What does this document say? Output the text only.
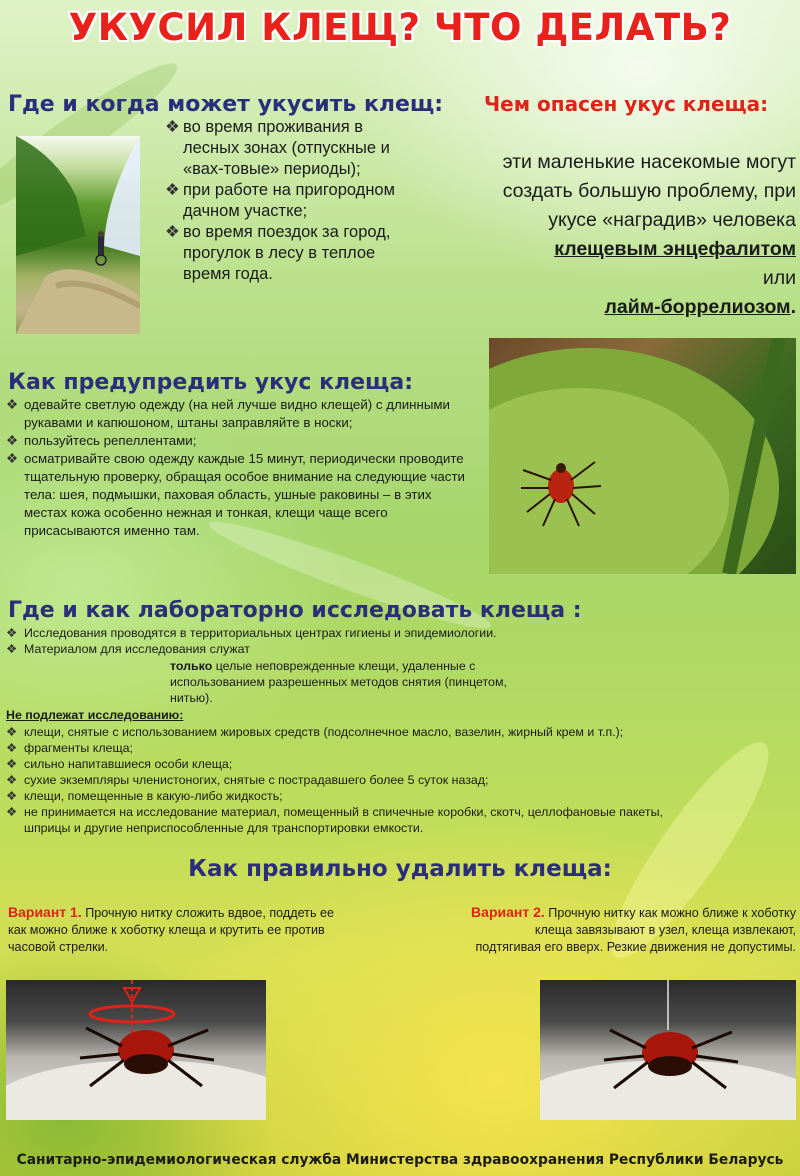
УКУСИЛ КЛЕЩ? ЧТО ДЕЛАТЬ?
Где и когда может укусить клещ:
❖ во время проживания в лесных зонах (отпускные и «вах-товые» периоды);
❖ при работе на пригородном дачном участке;
❖ во время поездок за город, прогулок в лесу в теплое время года.
Чем опасен укус клеща:
эти маленькие насекомые могут создать большую проблему, при укусе «наградив» человека
клещевым энцефалитом
или
лайм-боррелиозом.
Как предупредить укус клеща:
❖ одевайте светлую одежду (на ней лучше видно клещей) с длинными рукавами и капюшоном, штаны заправляйте в носки;
❖ пользуйтесь репеллентами;
❖ осматривайте свою одежду каждые 15 минут, периодически проводите тщательную проверку, обращая особое внимание на следующие части тела: шея, подмышки, паховая область, ушные раковины – в этих местах кожа особенно нежная и тонкая, клещи чаще всего присасываются именно там.
Где и как лабораторно исследовать клеща :
❖ Исследования проводятся в территориальных центрах гигиены и эпидемиологии.
❖ Материалом для исследования служат
только целые неповрежденные клещи, удаленные с использованием разрешенных методов снятия (пинцетом, нитью).
Не подлежат исследованию:
❖ клещи, снятые с использованием жировых средств (подсолнечное масло, вазелин, жирный крем и т.п.);
❖ фрагменты клеща;
❖ сильно напитавшиеся особи клеща;
❖ сухие экземпляры членистоногих, снятые с пострадавшего более 5 суток назад;
❖ клещи, помещенные в какую-либо жидкость;
❖ не принимается на исследование материал, помещенный в спичечные коробки, скотч, целлофановые пакеты, шприцы и другие неприспособленные для транспортировки емкости.
Как правильно удалить клеща:
Вариант 1. Прочную нитку сложить вдвое, поддеть ее как можно ближе к хоботку клеща и крутить ее против часовой стрелки.
Вариант 2. Прочную нитку как можно ближе к хоботку клеща завязывают в узел, клеща извлекают, подтягивая его вверх. Резкие движения не допустимы.
Санитарно-эпидемиологическая служба Министерства здравоохранения Республики Беларусь
